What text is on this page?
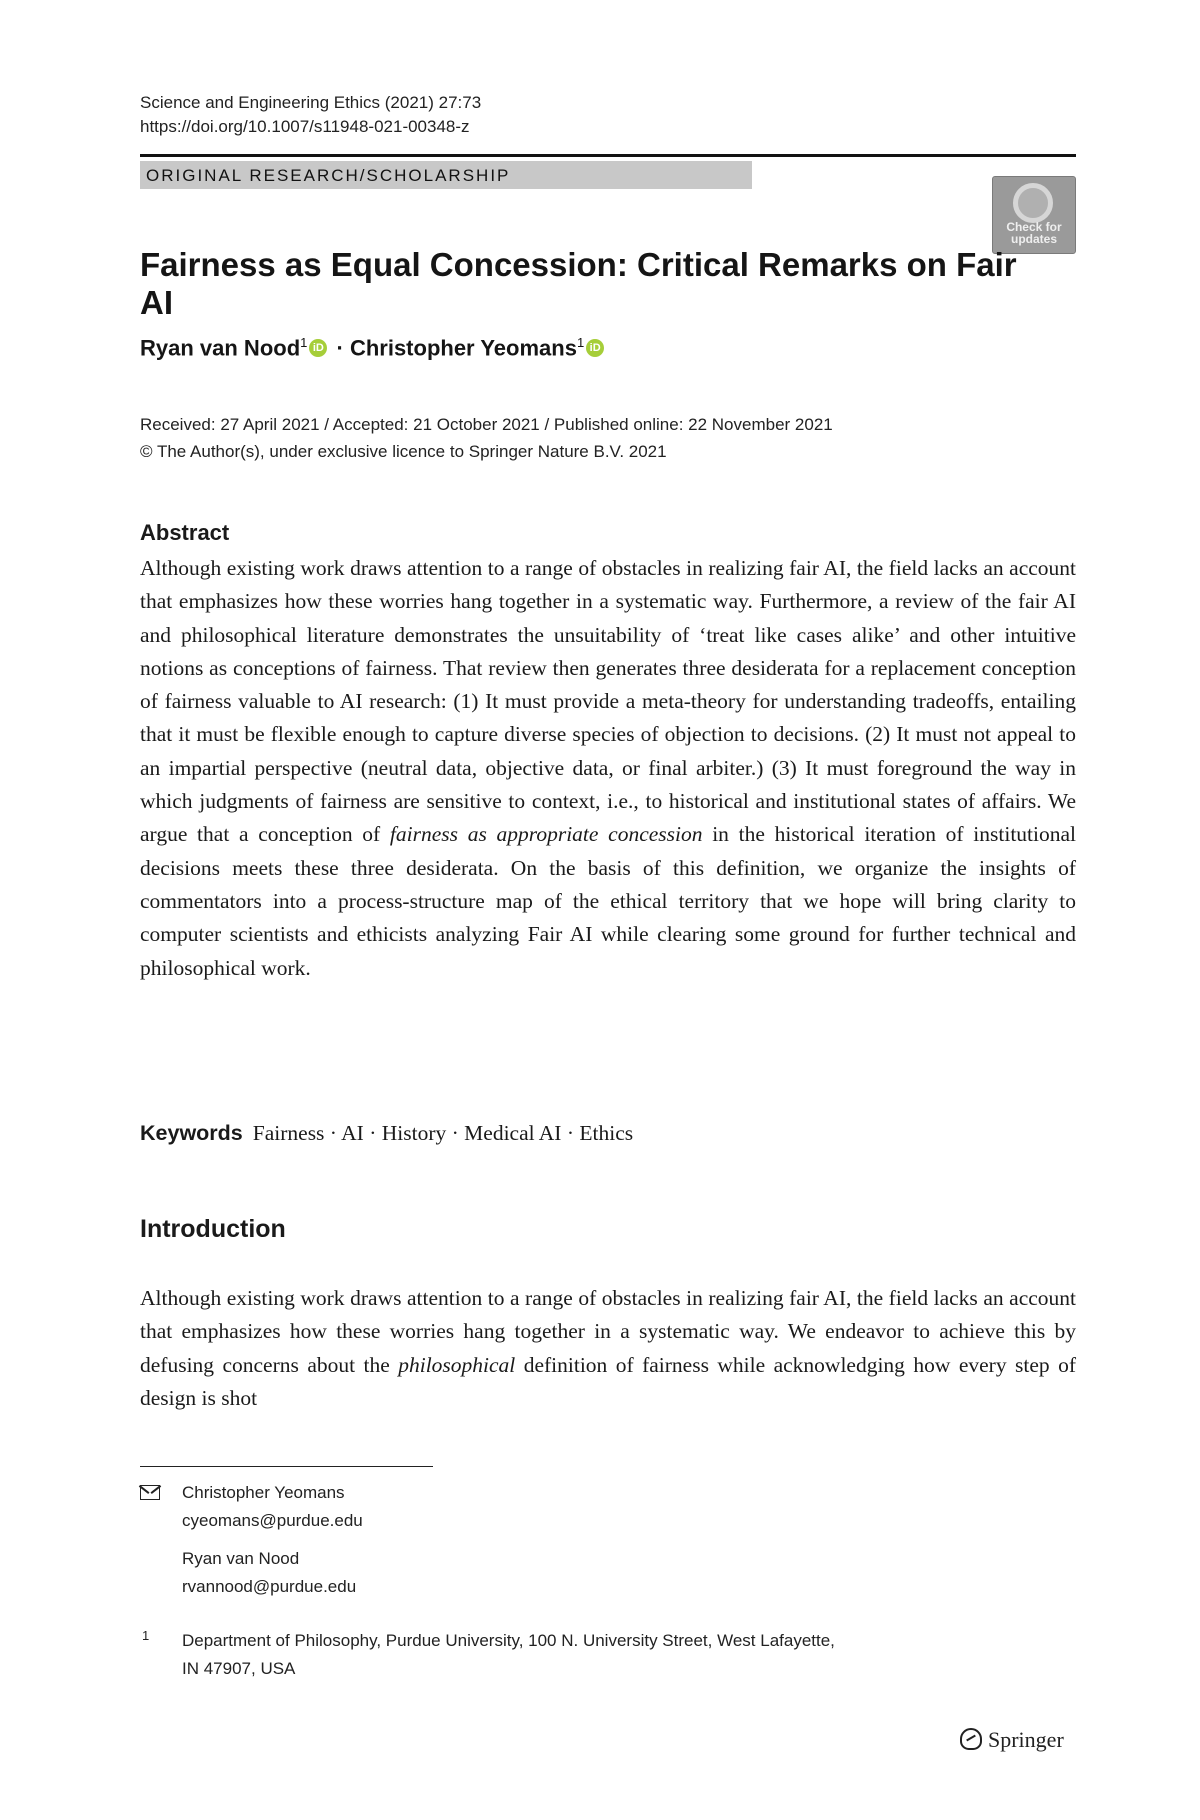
Science and Engineering Ethics (2021) 27:73
https://doi.org/10.1007/s11948-021-00348-z
ORIGINAL RESEARCH/SCHOLARSHIP
Check for updates
Fairness as Equal Concession: Critical Remarks on Fair AI
Ryan van Nood$^1$ iD · Christopher Yeomans$^1$ iD
Received: 27 April 2021 / Accepted: 21 October 2021 / Published online: 22 November 2021
© The Author(s), under exclusive licence to Springer Nature B.V. 2021
Abstract

Although existing work draws attention to a range of obstacles in realizing fair AI, the field lacks an account that emphasizes how these worries hang together in a systematic way. Furthermore, a review of the fair AI and philosophical literature demonstrates the unsuitability of ‘treat like cases alike’ and other intuitive notions as conceptions of fairness. That review then generates three desiderata for a replacement conception of fairness valuable to AI research: (1) It must provide a meta-theory for understanding tradeoffs, entailing that it must be flexible enough to capture diverse species of objection to decisions. (2) It must not appeal to an impartial perspective (neutral data, objective data, or final arbiter.) (3) It must foreground the way in which judgments of fairness are sensitive to context, i.e., to historical and institutional states of affairs. We argue that a conception of fairness as appropriate concession in the historical iteration of institutional decisions meets these three desiderata. On the basis of this definition, we organize the insights of commentators into a process-structure map of the ethical territory that we hope will bring clarity to computer scientists and ethicists analyzing Fair AI while clearing some ground for further technical and philosophical work.

Keywords Fairness · AI · History · Medical AI · Ethics
Introduction

Although existing work draws attention to a range of obstacles in realizing fair AI, the field lacks an account that emphasizes how these worries hang together in a systematic way. We endeavor to achieve this by defusing concerns about the philosophical definition of fairness while acknowledging how every step of design is shot

Christopher Yeomans
cyeomans@purdue.edu
Ryan van Nood
rvannood@purdue.edu
1 Department of Philosophy, Purdue University, 100 N. University Street, West Lafayette,
IN 47907, USA
Springer
